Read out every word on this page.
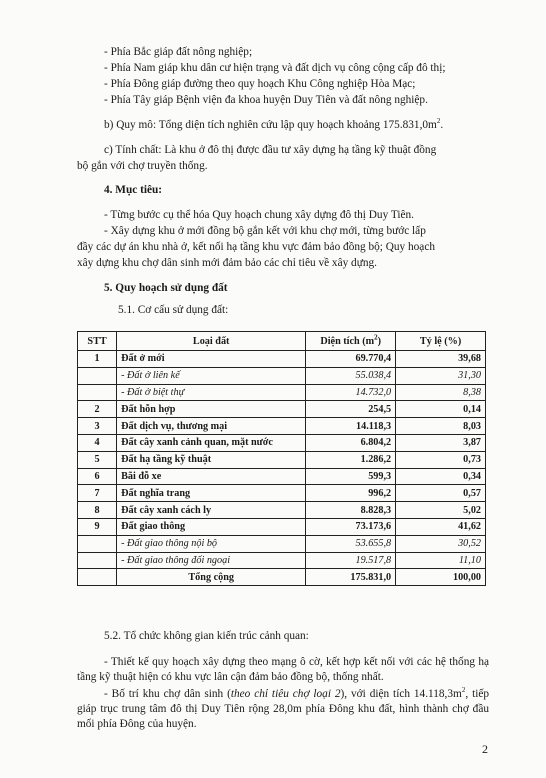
- Phía Bắc giáp đất nông nghiệp;

- Phía Nam giáp khu dân cư hiện trạng và đất dịch vụ công cộng cấp đô thị;

- Phía Đông giáp đường theo quy hoạch Khu Công nghiệp Hòa Mạc;

- Phía Tây giáp Bệnh viện đa khoa huyện Duy Tiên và đất nông nghiệp.

b) Quy mô: Tổng diện tích nghiên cứu lập quy hoạch khoảng $175.831,0m^2$.

c) Tính chất: Là khu ở đô thị được đầu tư xây dựng hạ tầng kỹ thuật đồng

bộ gắn với chợ truyền thống.

4. Mục tiêu:

- Từng bước cụ thể hóa Quy hoạch chung xây dựng đô thị Duy Tiên.

- Xây dựng khu ở mới đồng bộ gắn kết với khu chợ mới, từng bước lấp

đầy các dự án khu nhà ở, kết nối hạ tầng khu vực đảm bảo đồng bộ; Quy hoạch

xây dựng khu chợ dân sinh mới đảm bảo các chỉ tiêu về xây dựng.

5. Quy hoạch sử dụng đất

5.1. Cơ cấu sử dụng đất:

STT	Loại đất	Diện tích $(m^2)$	Tỷ lệ (%)
1	Đất ở mới	69.770,4	39,68
	- Đất ở liên kế	55.038,4	31,30
	- Đất ở biệt thự	14.732,0	8,38
2	Đất hỗn hợp	254,5	0,14
3	Đất dịch vụ, thương mại	14.118,3	8,03
4	Đất cây xanh cảnh quan, mặt nước	6.804,2	3,87
5	Đất hạ tầng kỹ thuật	1.286,2	0,73
6	Bãi đỗ xe	599,3	0,34
7	Đất nghĩa trang	996,2	0,57
8	Đất cây xanh cách ly	8.828,3	5,02
9	Đất giao thông	73.173,6	41,62
	- Đất giao thông nội bộ	53.655,8	30,52
	- Đất giao thông đối ngoại	19.517,8	11,10
	Tổng cộng	175.831,0	100,00

5.2. Tổ chức không gian kiến trúc cảnh quan:

- Thiết kế quy hoạch xây dựng theo mạng ô cờ, kết hợp kết nối với các hệ thống hạ tầng kỹ thuật hiện có khu vực lân cận đảm bảo đồng bộ, thống nhất.

- Bố trí khu chợ dân sinh (theo chỉ tiêu chợ loại 2), với diện tích $14.118,3m^2$, tiếp giáp trục trung tâm đô thị Duy Tiên rộng 28,0m phía Đông khu đất, hình thành chợ đầu mối phía Đông của huyện.

2
